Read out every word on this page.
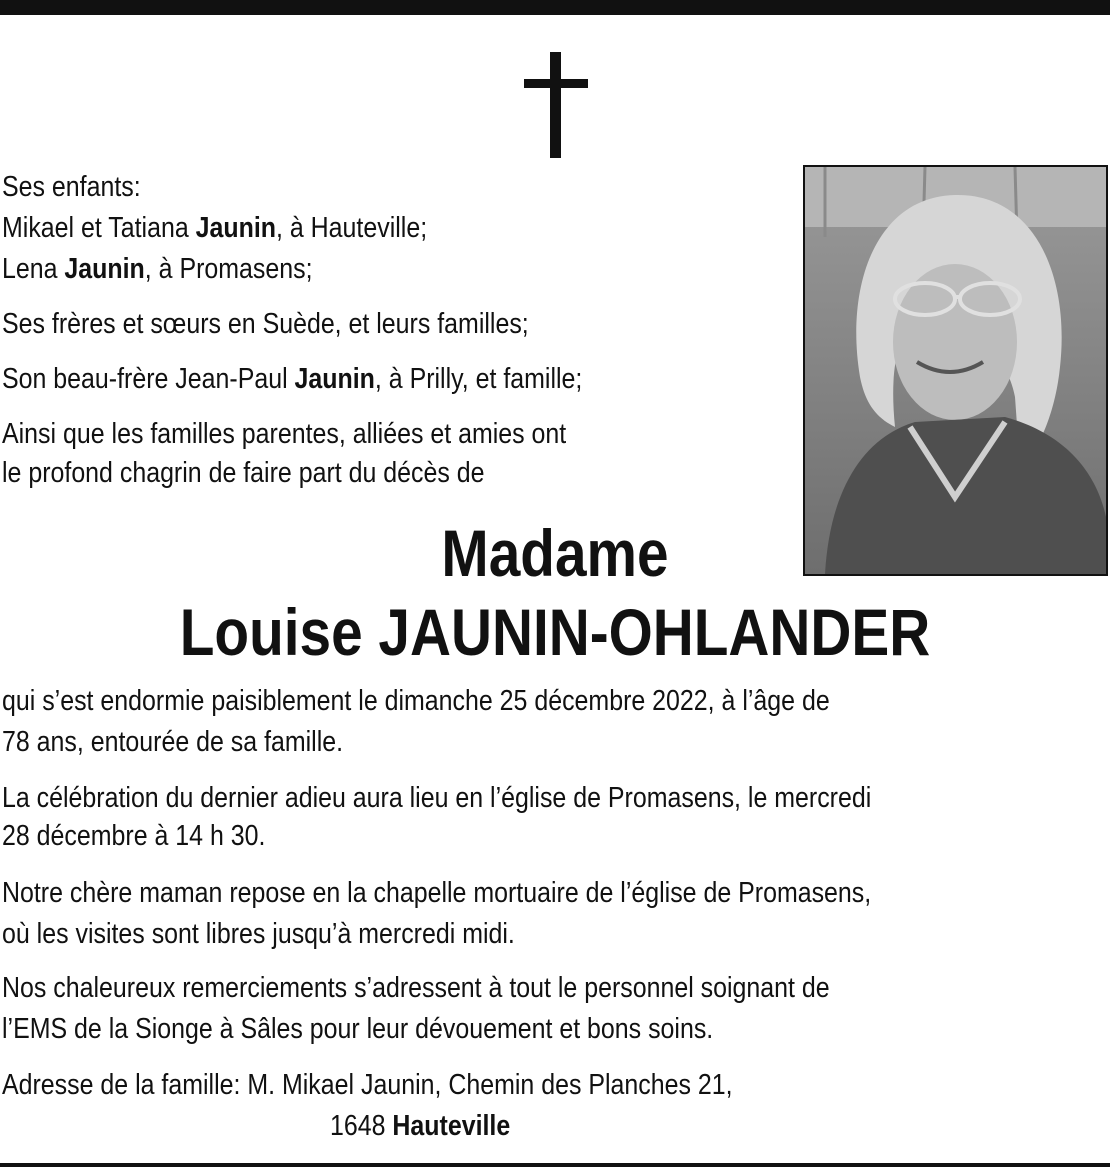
Ses enfants:

Mikael et Tatiana Jaunin, à Hauteville;

Lena Jaunin, à Promasens;

Ses frères et sœurs en Suède, et leurs familles;

Son beau-frère Jean-Paul Jaunin, à Prilly, et famille;

Ainsi que les familles parentes, alliées et amies ont

le profond chagrin de faire part du décès de

Madame
Louise JAUNIN-OHLANDER

qui s’est endormie paisiblement le dimanche 25 décembre 2022, à l’âge de

78 ans, entourée de sa famille.

La célébration du dernier adieu aura lieu en l’église de Promasens, le mercredi

28 décembre à 14 h 30.

Notre chère maman repose en la chapelle mortuaire de l’église de Promasens,

où les visites sont libres jusqu’à mercredi midi.

Nos chaleureux remerciements s’adressent à tout le personnel soignant de

l’EMS de la Sionge à Sâles pour leur dévouement et bons soins.

Adresse de la famille: M. Mikael Jaunin, Chemin des Planches 21,

1648 Hauteville
